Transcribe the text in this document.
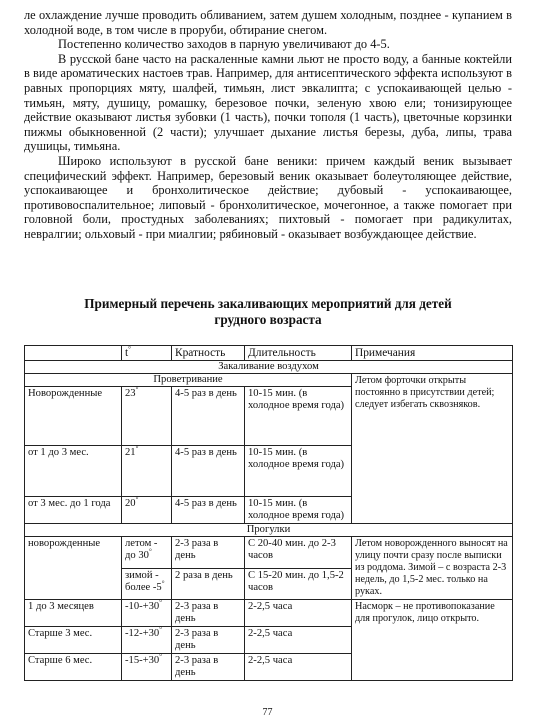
ле охлаждение лучше проводить обливанием, затем душем холодным, позднее - купанием в холодной воде, в том числе в проруби, обтирание снегом.

Постепенно количество заходов в парную увеличивают до 4-5.

В русской бане часто на раскаленные камни льют не просто воду, а банные коктейли в виде ароматических настоев трав. Например, для антисептического эффекта используют в равных пропорциях мяту, шалфей, тимьян, лист эвкалипта; с успокаивающей целью - тимьян, мяту, душицу, ромашку, березовое почки, зеленую хвою ели; тонизирующее действие оказывают листья зубовки (1 часть), почки тополя (1 часть), цветочные корзинки пижмы обыкновенной (2 части); улучшает дыхание листья березы, дуба, липы, трава душицы, тимьяна.

Широко используют в русской бане веники: причем каждый веник вызывает специфический эффект. Например, березовый веник оказывает болеутоляющее действие, успокаивающее и бронхолитическое действие; дубовый - успокаивающее, противовоспалительное; липовый - бронхолитическое, мочегонное, а также помогает при головной боли, простудных заболеваниях; пихтовый - помогает при радикулитах, невралгии; ольховый - при миалгии; рябиновый - оказывает возбуждающее действие.

Примерный перечень закаливающих мероприятий для детей
грудного возраста
	t°	Кратность	Длительность	Примечания
Закаливание воздухом				
Проветривание				Летом форточки открыты постоянно в присутствии детей; следует избегать сквозняков.
Новорожденные	23°	4-5 раз в день	10-15 мин. (в холодное время года)	
от 1 до 3 мес.	21°	4-5 раз в день	10-15 мин. (в холодное время года)	
от 3 мес. до 1 года	20°	4-5 раз в день	10-15 мин. (в холодное время года)	
Прогулки				
новорожденные	летом - до 30°	2-3 раза в день	С 20-40 мин. до 2-3 часов	Летом новорожденного выносят на улицу почти сразу после выписки из роддома. Зимой – с возраста 2-3 недель, до 1,5-2 мес. только на руках.
	зимой - более -5°	2 раза в день	С 15-20 мин. до 1,5-2 часов	
1 до 3 месяцев	-10-+30°	2-3 раза в день	2-2,5 часа	Насморк – не противопоказание для прогулок, лицо открыто.
Старше 3 мес.	-12-+30°	2-3 раза в день	2-2,5 часа	
Старше 6 мес.	-15-+30°	2-3 раза в день	2-2,5 часа	
77
